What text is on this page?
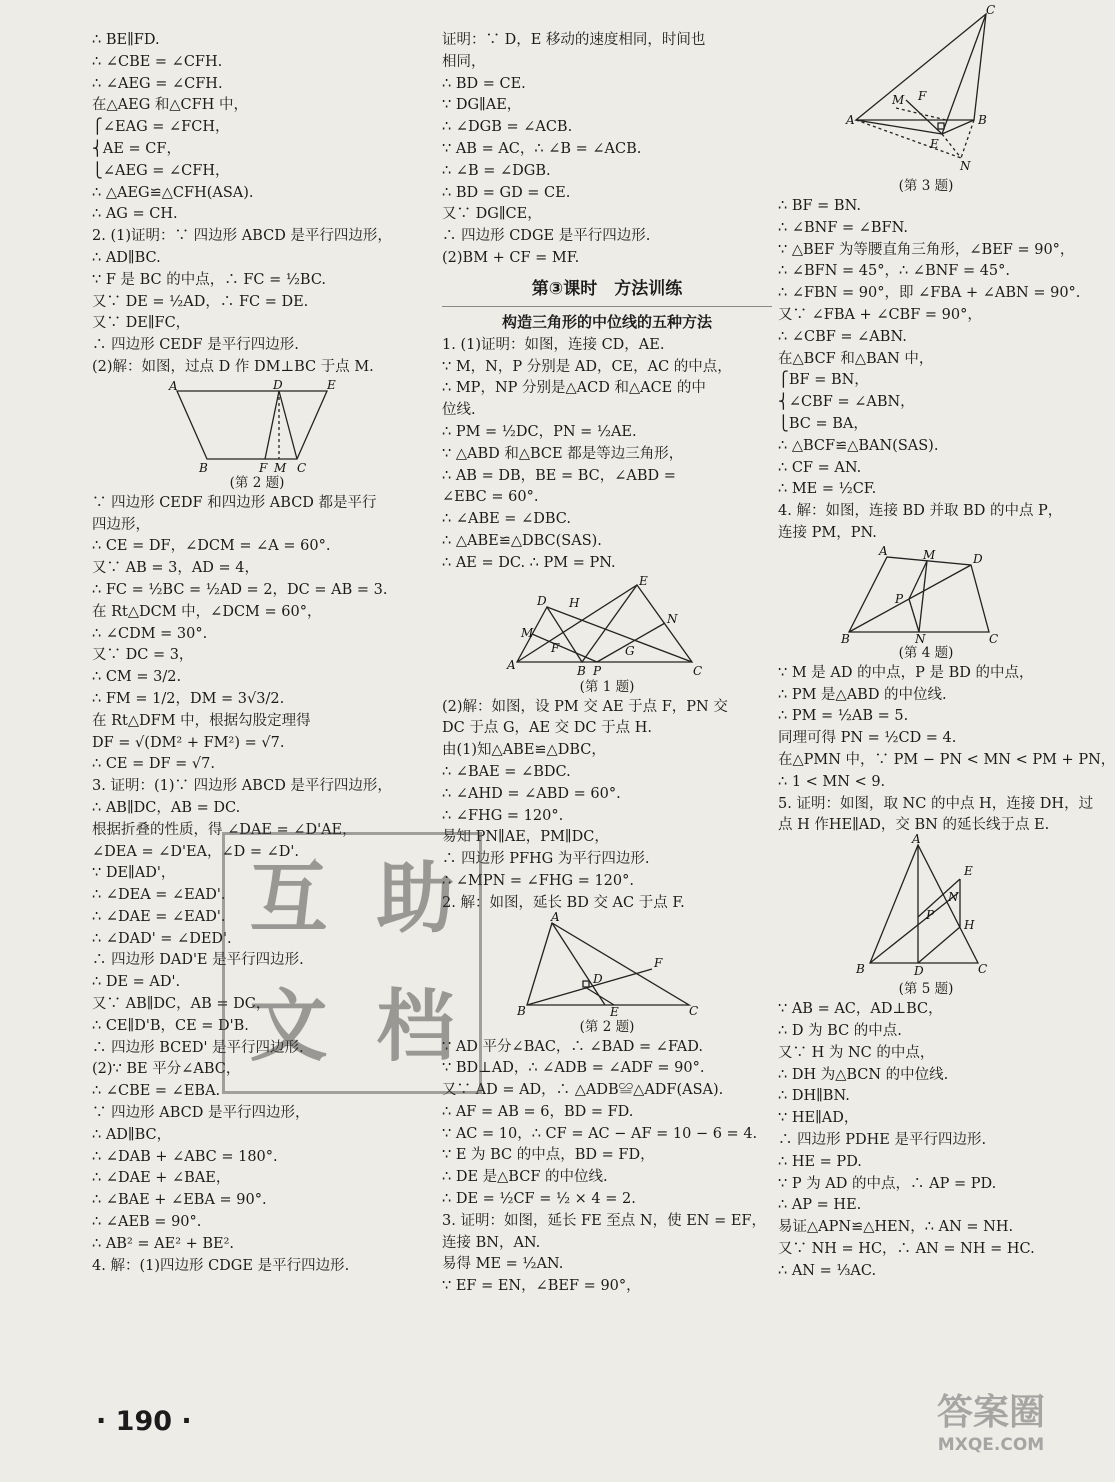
∴ BE∥FD.
∴ ∠CBE = ∠CFH.
∴ ∠AEG = ∠CFH.
在△AEG 和△CFH 中，
⎧∠EAG = ∠FCH，
⎨AE = CF，
⎩∠AEG = ∠CFH，
∴ △AEG≌△CFH(ASA).
∴ AG = CH.
2. (1)证明：∵ 四边形 ABCD 是平行四边形，
∴ AD∥BC.
∵ F 是 BC 的中点，∴ FC = ½BC.
又∵ DE = ½AD，∴ FC = DE.
又∵ DE∥FC，
∴ 四边形 CEDF 是平行四边形.
(2)解：如图，过点 D 作 DM⊥BC 于点 M.
A	D	E
B	F M C
(第 2 题)
∵ 四边形 CEDF 和四边形 ABCD 都是平行
四边形，
∴ CE = DF，∠DCM = ∠A = 60°.
又∵ AB = 3，AD = 4，
∴ FC = ½BC = ½AD = 2，DC = AB = 3.
在 Rt△DCM 中，∠DCM = 60°，
∴ ∠CDM = 30°.
又∵ DC = 3，
∴ CM = 3/2.
∴ FM = 1/2，DM = 3√3/2.
在 Rt△DFM 中，根据勾股定理得
DF = √(DM² + FM²) = √7.
∴ CE = DF = √7.
3. 证明：(1)∵ 四边形 ABCD 是平行四边形，
∴ AB∥DC，AB = DC.
根据折叠的性质，得 ∠DAE = ∠D'AE，
∠DEA = ∠D'EA，∠D = ∠D'.
∵ DE∥AD'，
∴ ∠DEA = ∠EAD'.
∴ ∠DAE = ∠EAD'.
∴ ∠DAD' = ∠DED'.
∴ 四边形 DAD'E 是平行四边形.
∴ DE = AD'.
又∵ AB∥DC，AB = DC，
∴ CE∥D'B，CE = D'B.
∴ 四边形 BCED' 是平行四边形.
(2)∵ BE 平分∠ABC，
∴ ∠CBE = ∠EBA.
∵ 四边形 ABCD 是平行四边形，
∴ AD∥BC，
∴ ∠DAB + ∠ABC = 180°.
∴ ∠DAE + ∠BAE，
∴ ∠BAE + ∠EBA = 90°.
∴ ∠AEB = 90°.
∴ AB² = AE² + BE².
4. 解：(1)四边形 CDGE 是平行四边形.
证明：∵ D，E 移动的速度相同，时间也
相同，
∴ BD = CE.
∵ DG∥AE，
∴ ∠DGB = ∠ACB.
∵ AB = AC，∴ ∠B = ∠ACB.
∴ ∠B = ∠DGB.
∴ BD = GD = CE.
又∵ DG∥CE，
∴ 四边形 CDGE 是平行四边形.
(2)BM + CF = MF.
第③课时　方法训练
构造三角形的中位线的五种方法
1. (1)证明：如图，连接 CD，AE.
∵ M，N，P 分别是 AD，CE，AC 的中点，
∴ MP，NP 分别是△ACD 和△ACE 的中
位线.
∴ PM = ½DC，PN = ½AE.
∵ △ABD 和△BCE 都是等边三角形，
∴ AB = DB，BE = BC，∠ABD =
∠EBC = 60°.
∴ ∠ABE = ∠DBC.
∴ △ABE≌△DBC(SAS).
∴ AE = DC. ∴ PM = PN.
D H
E
M
F	G
N
A	B P	C
(第 1 题)
(2)解：如图，设 PM 交 AE 于点 F，PN 交
DC 于点 G，AE 交 DC 于点 H.
由(1)知△ABE≌△DBC，
∴ ∠BAE = ∠BDC.
∴ ∠AHD = ∠ABD = 60°.
∴ ∠FHG = 120°.
易知 PN∥AE，PM∥DC，
∴ 四边形 PFHG 为平行四边形.
∴ ∠MPN = ∠FHG = 120°.
2. 解：如图，延长 BD 交 AC 于点 F.
A
F
D
B	E	C
(第 2 题)
∵ AD 平分∠BAC，∴ ∠BAD = ∠FAD.
∵ BD⊥AD，∴ ∠ADB = ∠ADF = 90°.
又∵ AD = AD，∴ △ADB≌△ADF(ASA).
∴ AF = AB = 6，BD = FD.
∵ AC = 10，∴ CF = AC − AF = 10 − 6 = 4.
∵ E 为 BC 的中点，BD = FD，
∴ DE 是△BCF 的中位线.
∴ DE = ½CF = ½ × 4 = 2.
3. 证明：如图，延长 FE 至点 N，使 EN = EF，
连接 BN，AN.
易得 ME = ½AN.
∵ EF = EN，∠BEF = 90°，
C
M F
A	B
E
N
(第 3 题)
∴ BF = BN.
∴ ∠BNF = ∠BFN.
∵ △BEF 为等腰直角三角形，∠BEF = 90°，
∴ ∠BFN = 45°，∴ ∠BNF = 45°.
∴ ∠FBN = 90°，即 ∠FBA + ∠ABN = 90°.
又∵ ∠FBA + ∠CBF = 90°，
∴ ∠CBF = ∠ABN.
在△BCF 和△BAN 中，
⎧BF = BN，
⎨∠CBF = ∠ABN，
⎩BC = BA，
∴ △BCF≌△BAN(SAS).
∴ CF = AN.
∴ ME = ½CF.
4. 解：如图，连接 BD 并取 BD 的中点 P，
连接 PM，PN.
A	M	D
P
B	N	C
(第 4 题)
∵ M 是 AD 的中点，P 是 BD 的中点，
∴ PM 是△ABD 的中位线.
∴ PM = ½AB = 5.
同理可得 PN = ½CD = 4.
在△PMN 中，∵ PM − PN < MN < PM + PN，
∴ 1 < MN < 9.
5. 证明：如图，取 NC 的中点 H，连接 DH，过
点 H 作HE∥AD，交 BN 的延长线于点 E.
A
E
N
P
H
B	D	C
(第 5 题)
∵ AB = AC，AD⊥BC，
∴ D 为 BC 的中点.
又∵ H 为 NC 的中点，
∴ DH 为△BCN 的中位线.
∴ DH∥BN.
∵ HE∥AD，
∴ 四边形 PDHE 是平行四边形.
∴ HE = PD.
∵ P 为 AD 的中点，∴ AP = PD.
∴ AP = HE.
易证△APN≌△HEN，∴ AN = NH.
又∵ NH = HC，∴ AN = NH = HC.
∴ AN = ⅓AC.
互 助
文 档
· 190 ·	答案圈
MXQE.COM
